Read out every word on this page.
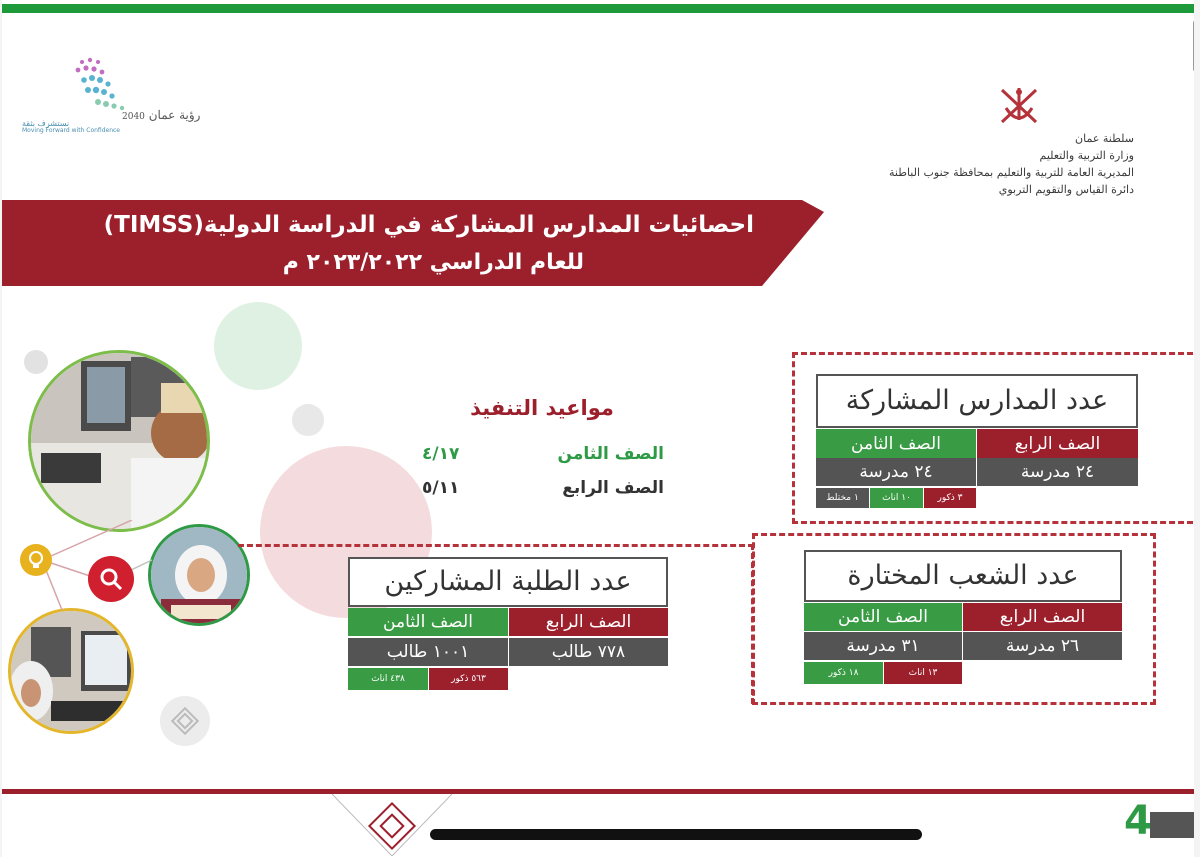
رؤية عمان 2040
نستشرف بثقة
Moving Forward with Confidence
سلطنة عمان
وزارة التربية والتعليم
المديرية العامة للتربية والتعليم بمحافظة جنوب الباطنة
دائرة القياس والتقويم التربوي
احصائيات المدارس المشاركة في الدراسة الدولية(TIMSS)
للعام الدراسي ٢٠٢٣/٢٠٢٢ م
مواعيد التنفيذ
الصف الثامن
٤/١٧
الصف الرابع
٥/١١
عدد المدارس المشاركة
الصف الرابع
الصف الثامن
٢٤ مدرسة
٢٤ مدرسة
٣ ذكور
١٠ اناث
١ مختلط
عدد الشعب المختارة
الصف الرابع
الصف الثامن
٢٦ مدرسة
٣١ مدرسة
١٣ اناث
١٨ ذكور
عدد الطلبة المشاركين
الصف الرابع
الصف الثامن
٧٧٨ طالب
١٠٠١ طالب
٥٦٣ ذكور
٤٣٨ اناث
4
